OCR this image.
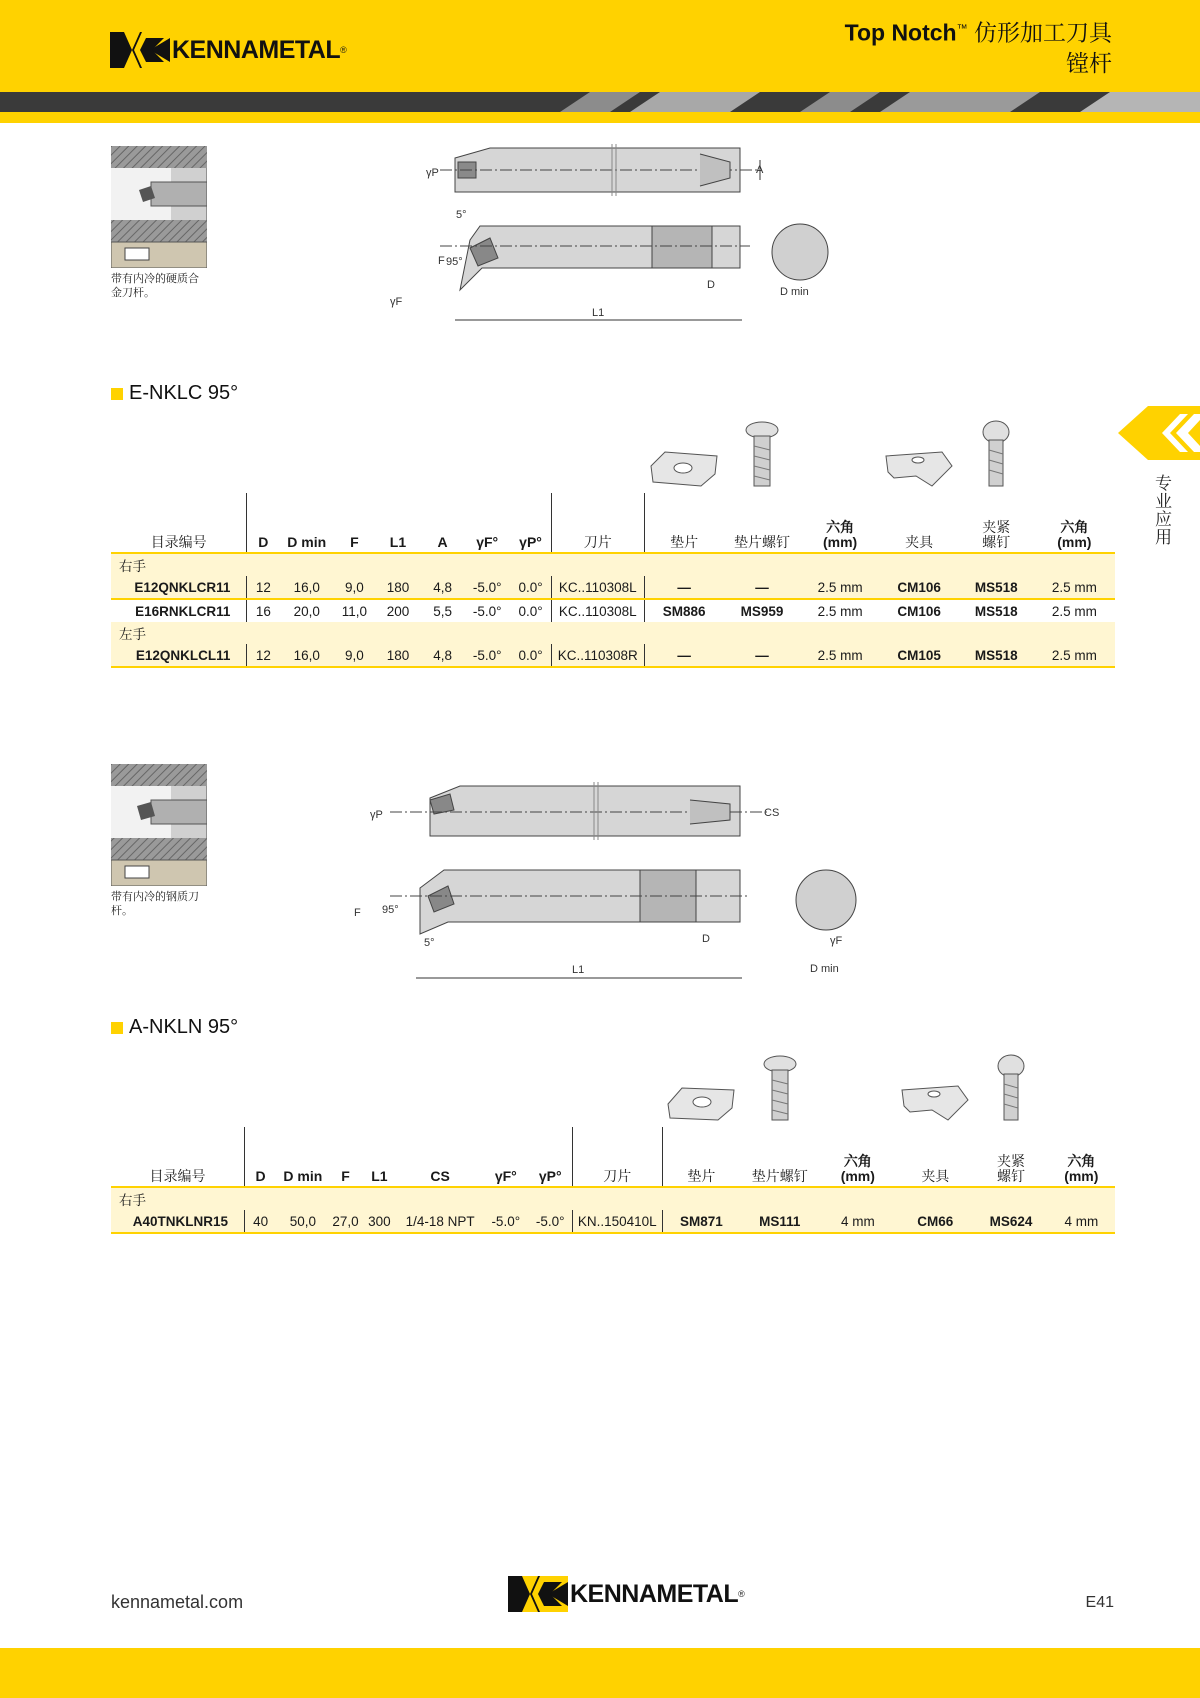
KENNAMETAL ®
Top Notch™ 仿形加工刀具
镗杆
专业应用
带有内冷的硬质合金刀杆。
γP	A
95°
F
5°
γF
D
D min
L1
E-NKLC 95°

目录编号	D	D min	F	L1	A	γF°	γP°	刀片	垫片	垫片螺钉	六角
(mm)	夹具	夹紧
螺钉	六角
(mm)
右手														
E12QNKLCR11	12	16,0	9,0	180	4,8	-5.0°	0.0°	KC..110308L	—	—	2.5 mm	CM106	MS518	2.5 mm
E16RNKLCR11	16	20,0	11,0	200	5,5	-5.0°	0.0°	KC..110308L	SM886	MS959	2.5 mm	CM106	MS518	2.5 mm
左手														
E12QNKLCL11	12	16,0	9,0	180	4,8	-5.0°	0.0°	KC..110308R	—	—	2.5 mm	CM105	MS518	2.5 mm
带有内冷的钢质刀杆。
γP	CS
F 95°
5°	D	γF
D min
L1
A-NKLN 95°

目录编号	D	D min	F	L1	CS	γF°	γP°	刀片	垫片	垫片螺钉	六角
(mm)	夹具	夹紧
螺钉	六角
(mm)
右手														
A40TNKLNR15	40	50,0	27,0	300	1/4-18 NPT	-5.0°	-5.0°	KN..150410L	SM871	MS111	4 mm	CM66	MS624	4 mm
kennametal.com	KENNAMETAL ®	E41
